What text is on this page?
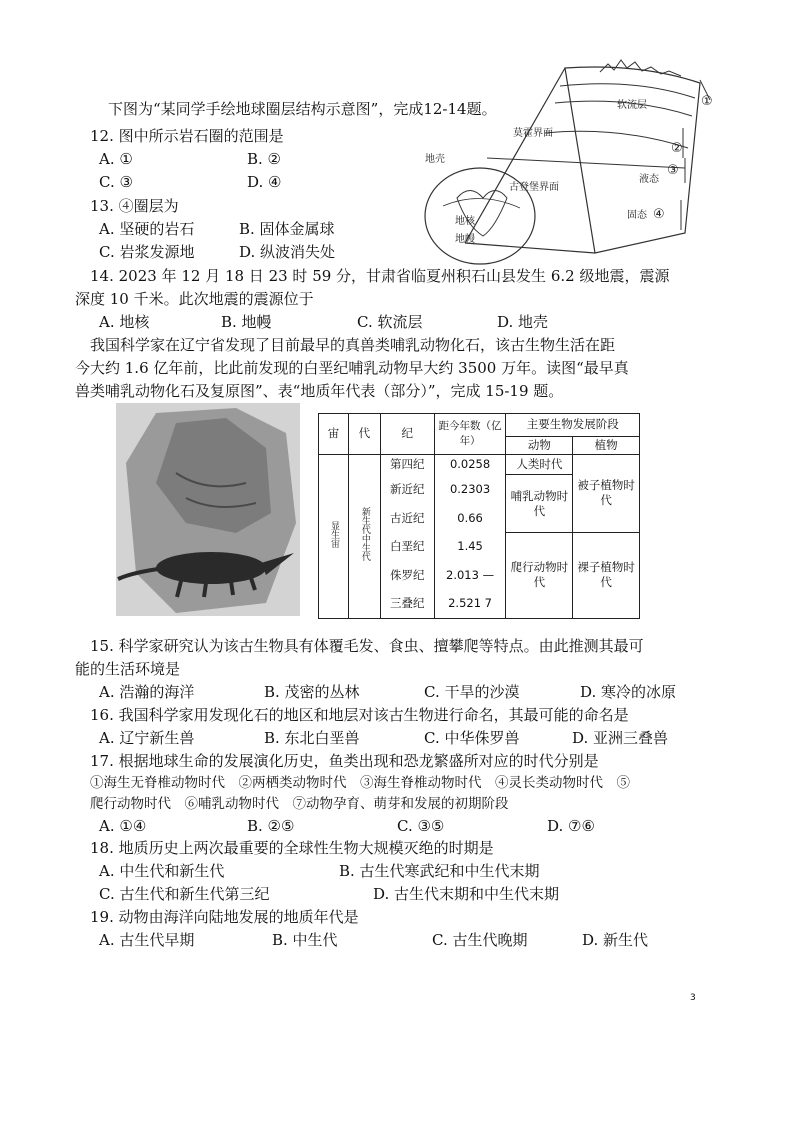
下图为“某同学手绘地球圈层结构示意图”，完成12-14题。
12. 图中所示岩石圈的范围是
A. ①	B. ②
C. ③	D. ④
13. ④圈层为
A. 坚硬的岩石	B. 固体金属球
C. 岩浆发源地	D. 纵波消失处
软流层
莫霍界面
地壳
古登堡界面
地核
地幔
液态
固态
①
②
③
④
14. 2023 年 12 月 18 日 23 时 59 分，甘肃省临夏州积石山县发生 6.2 级地震，震源
深度 10 千米。此次地震的震源位于
A. 地核	B. 地幔	C. 软流层	D. 地壳
我国科学家在辽宁省发现了目前最早的真兽类哺乳动物化石，该古生物生活在距
今大约 1.6 亿年前，比此前发现的白垩纪哺乳动物早大约 3500 万年。读图“最早真
兽类哺乳动物化石及复原图”、表“地质年代表（部分）”，完成 15-19 题。
宙	代	纪	距今年数（亿年）	主要生物发展阶段	
				动物	植物
显生宙	新生代中生代	第四纪	0.0258	人类时代	被子植物时代
		新近纪	0.2303	哺乳动物时代	
		古近纪	0.66		
		白垩纪	1.45	爬行动物时代	裸子植物时代
		侏罗纪	2.013 —		
		三叠纪	2.521 7		
15. 科学家研究认为该古生物具有体覆毛发、食虫、擅攀爬等特点。由此推测其最可
能的生活环境是
A. 浩瀚的海洋	B. 茂密的丛林	C. 干旱的沙漠	D. 寒冷的冰原
16. 我国科学家用发现化石的地区和地层对该古生物进行命名，其最可能的命名是
A. 辽宁新生兽	B. 东北白垩兽	C. 中华侏罗兽	D. 亚洲三叠兽
17. 根据地球生命的发展演化历史，鱼类出现和恐龙繁盛所对应的时代分别是
①海生无脊椎动物时代　②两栖类动物时代　③海生脊椎动物时代　④灵长类动物时代　⑤
爬行动物时代　⑥哺乳动物时代　⑦动物孕育、萌芽和发展的初期阶段
A. ①④	B. ②⑤	C. ③⑤	D. ⑦⑥
18. 地质历史上两次最重要的全球性生物大规模灭绝的时期是
A. 中生代和新生代	B. 古生代寒武纪和中生代末期
C. 古生代和新生代第三纪	D. 古生代末期和中生代末期
19. 动物由海洋向陆地发展的地质年代是
A. 古生代早期	B. 中生代	C. 古生代晚期	D. 新生代
3
